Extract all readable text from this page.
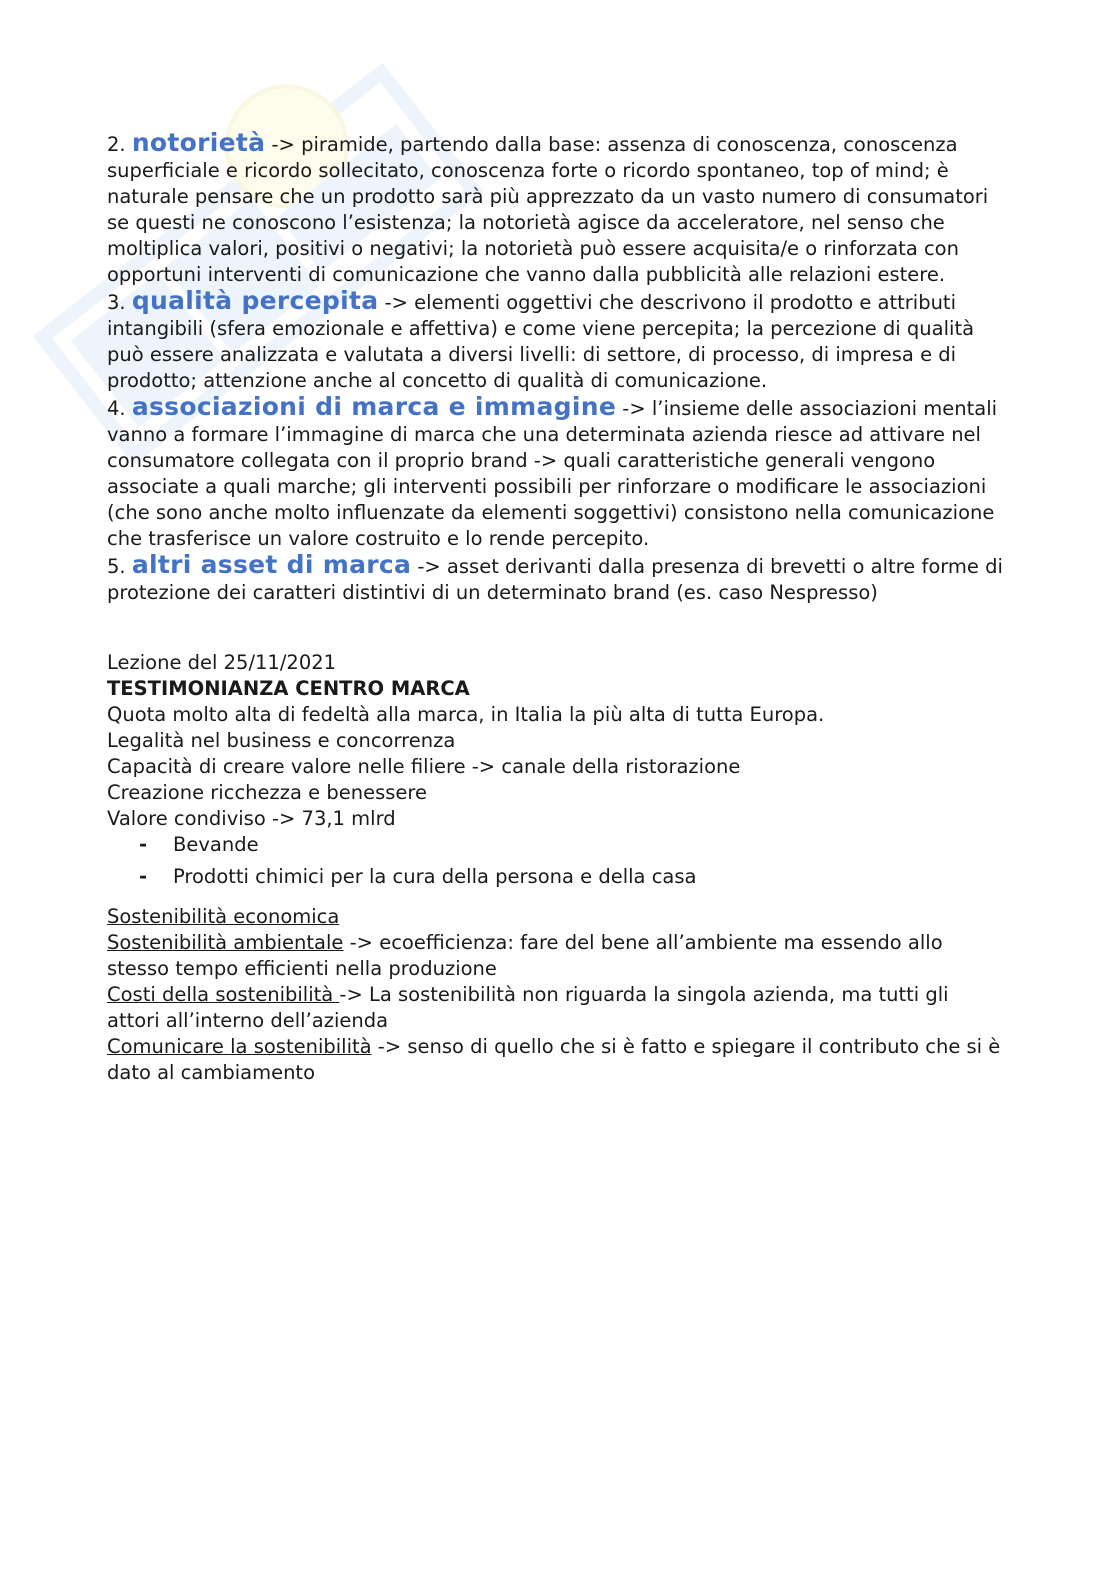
2. notorietà -> piramide, partendo dalla base: assenza di conoscenza, conoscenza superficiale e ricordo sollecitato, conoscenza forte o ricordo spontaneo, top of mind; è naturale pensare che un prodotto sarà più apprezzato da un vasto numero di consumatori se questi ne conoscono l’esistenza; la notorietà agisce da acceleratore, nel senso che moltiplica valori, positivi o negativi; la notorietà può essere acquisita/e o rinforzata con opportuni interventi di comunicazione che vanno dalla pubblicità alle relazioni estere.

3. qualità percepita -> elementi oggettivi che descrivono il prodotto e attributi intangibili (sfera emozionale e affettiva) e come viene percepita; la percezione di qualità può essere analizzata e valutata a diversi livelli: di settore, di processo, di impresa e di prodotto; attenzione anche al concetto di qualità di comunicazione.

4. associazioni di marca e immagine -> l’insieme delle associazioni mentali vanno a formare l’immagine di marca che una determinata azienda riesce ad attivare nel consumatore collegata con il proprio brand -> quali caratteristiche generali vengono associate a quali marche; gli interventi possibili per rinforzare o modificare le associazioni (che sono anche molto influenzate da elementi soggettivi) consistono nella comunicazione che trasferisce un valore costruito e lo rende percepito.

5. altri asset di marca -> asset derivanti dalla presenza di brevetti o altre forme di protezione dei caratteri distintivi di un determinato brand (es. caso Nespresso)

Lezione del 25/11/2021

TESTIMONIANZA CENTRO MARCA

Quota molto alta di fedeltà alla marca, in Italia la più alta di tutta Europa.

Legalità nel business e concorrenza

Capacità di creare valore nelle filiere -> canale della ristorazione

Creazione ricchezza e benessere

Valore condiviso -> 73,1 mlrd

- Bevande
- Prodotti chimici per la cura della persona e della casa

Sostenibilità economica

Sostenibilità ambientale -> ecoefficienza: fare del bene all’ambiente ma essendo allo stesso tempo efficienti nella produzione

Costi della sostenibilità -> La sostenibilità non riguarda la singola azienda, ma tutti gli attori all’interno dell’azienda

Comunicare la sostenibilità -> senso di quello che si è fatto e spiegare il contributo che si è dato al cambiamento
